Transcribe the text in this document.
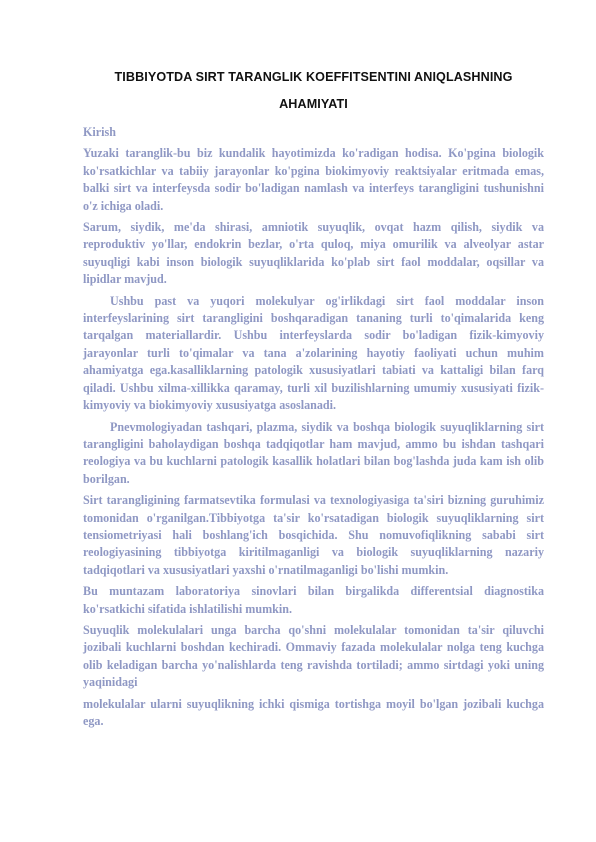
TIBBIYOTDA SIRT TARANGLIK KOEFFITSENTINI ANIQLASHNING
AHAMIYATI
Kirish

Yuzaki taranglik-bu biz kundalik hayotimizda ko'radigan hodisa. Ko'pgina biologik ko'rsatkichlar va tabiiy jarayonlar ko'pgina biokimyoviy reaktsiyalar eritmada emas, balki sirt va interfeysda sodir bo'ladigan namlash va interfeys tarangligini tushunishni o'z ichiga oladi.

Sarum, siydik, me'da shirasi, amniotik suyuqlik, ovqat hazm qilish, siydik va reproduktiv yo'llar, endokrin bezlar, o'rta quloq, miya omurilik va alveolyar astar suyuqligi kabi inson biologik suyuqliklarida ko'plab sirt faol moddalar, oqsillar va lipidlar mavjud.

Ushbu past va yuqori molekulyar og'irlikdagi sirt faol moddalar inson interfeyslarining sirt tarangligini boshqaradigan tananing turli to'qimalarida keng tarqalgan materiallardir. Ushbu interfeyslarda sodir bo'ladigan fizik-kimyoviy jarayonlar turli to'qimalar va tana a'zolarining hayotiy faoliyati uchun muhim ahamiyatga ega.kasalliklarning patologik xususiyatlari tabiati va kattaligi bilan farq qiladi. Ushbu xilma-xillikka qaramay, turli xil buzilishlarning umumiy xususiyati fizik-kimyoviy va biokimyoviy xususiyatga asoslanadi.

Pnevmologiyadan tashqari, plazma, siydik va boshqa biologik suyuqliklarning sirt tarangligini baholaydigan boshqa tadqiqotlar ham mavjud, ammo bu ishdan tashqari reologiya va bu kuchlarni patologik kasallik holatlari bilan bog'lashda juda kam ish olib borilgan.

Sirt tarangligining farmatsevtika formulasi va texnologiyasiga ta'siri bizning guruhimiz tomonidan o'rganilgan.Tibbiyotga ta'sir ko'rsatadigan biologik suyuqliklarning sirt tensiometriyasi hali boshlang'ich bosqichida. Shu nomuvofiqlikning sababi sirt reologiyasining tibbiyotga kiritilmaganligi va biologik suyuqliklarning nazariy tadqiqotlari va xususiyatlari yaxshi o'rnatilmaganligi bo'lishi mumkin.

Bu muntazam laboratoriya sinovlari bilan birgalikda differentsial diagnostika ko'rsatkichi sifatida ishlatilishi mumkin.

Suyuqlik molekulalari unga barcha qo'shni molekulalar tomonidan ta'sir qiluvchi jozibali kuchlarni boshdan kechiradi. Ommaviy fazada molekulalar nolga teng kuchga olib keladigan barcha yo'nalishlarda teng ravishda tortiladi; ammo sirtdagi yoki uning yaqinidagi

molekulalar ularni suyuqlikning ichki qismiga tortishga moyil bo'lgan jozibali kuchga ega.
